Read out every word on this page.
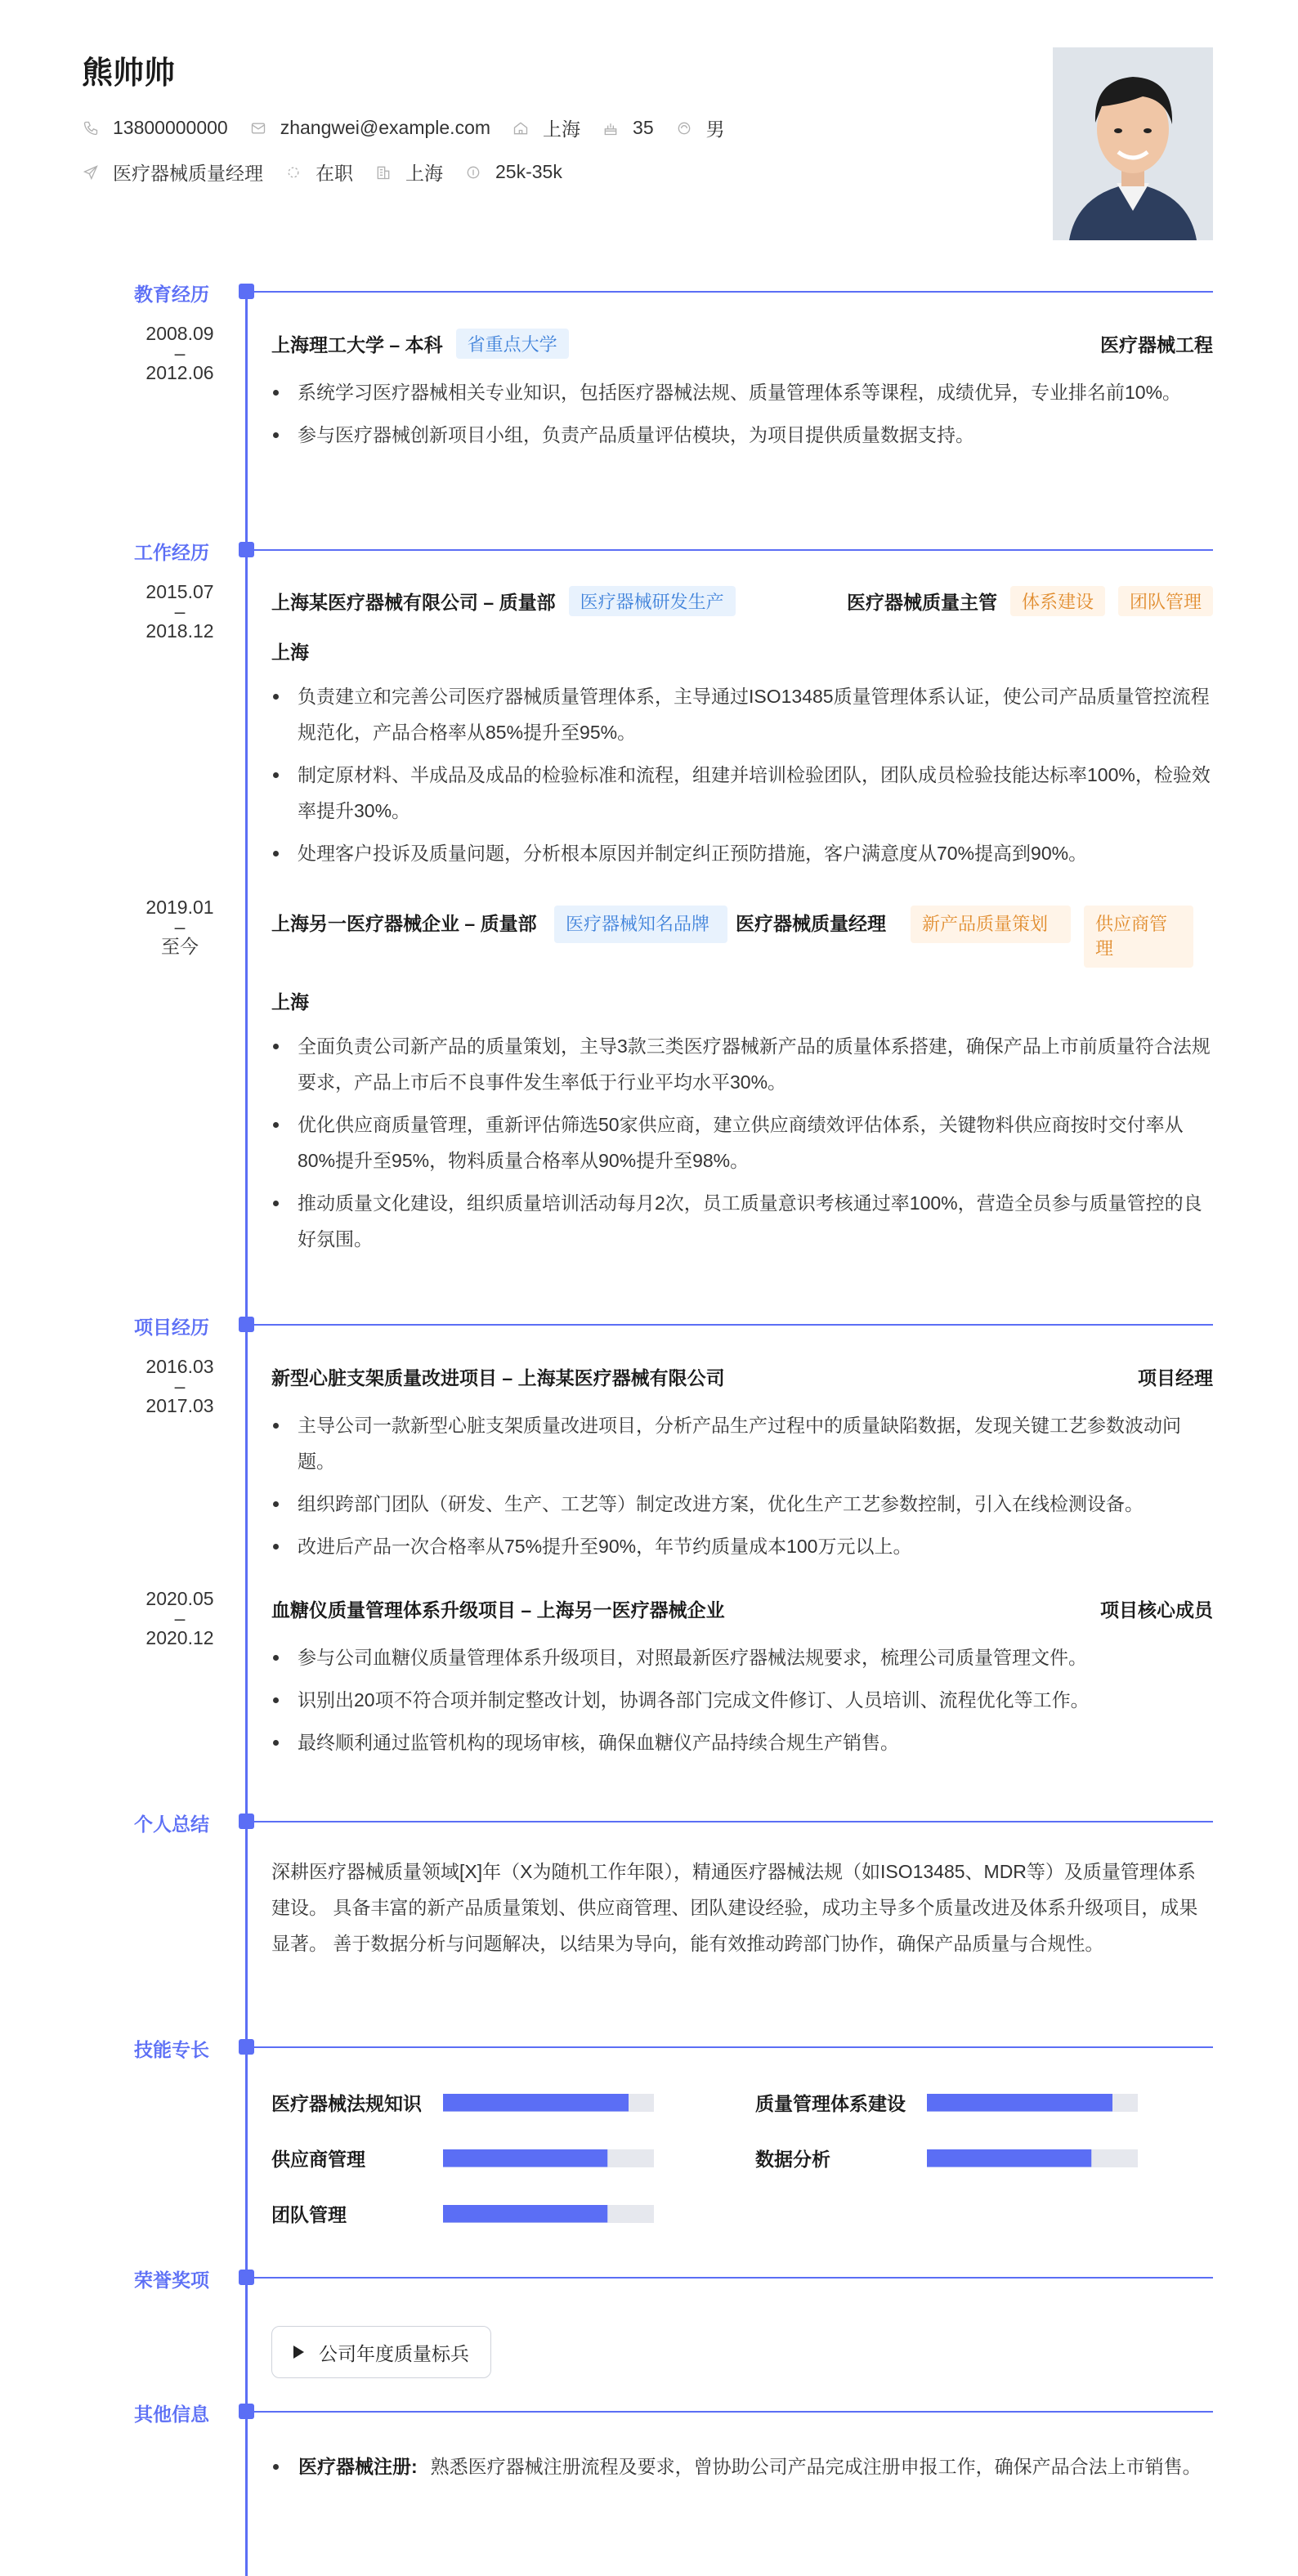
熊帅帅
13800000000	zhangwei@example.com	上海	35	男
医疗器械质量经理	在职	上海	25k-35k
教育经历
2008.09
–
2012.06
上海理工大学 – 本科	省重点大学	医疗器械工程
系统学习医疗器械相关专业知识，包括医疗器械法规、质量管理体系等课程，成绩优异，专业排名前10%。
参与医疗器械创新项目小组，负责产品质量评估模块，为项目提供质量数据支持。
工作经历
2015.07
–
2018.12
上海某医疗器械有限公司 – 质量部	医疗器械研发生产	医疗器械质量主管	体系建设	团队管理
上海
负责建立和完善公司医疗器械质量管理体系，主导通过ISO13485质量管理体系认证，使公司产品质量管控流程规范化，产品合格率从85%提升至95%。
制定原材料、半成品及成品的检验标准和流程，组建并培训检验团队，团队成员检验技能达标率100%，检验效率提升30%。
处理客户投诉及质量问题，分析根本原因并制定纠正预防措施，客户满意度从70%提高到90%。
2019.01
–
至今
上海另一医疗器械企业 – 质量部	医疗器械知名品牌	医疗器械质量经理	新产品质量策划	供应商管理
上海
全面负责公司新产品的质量策划，主导3款三类医疗器械新产品的质量体系搭建，确保产品上市前质量符合法规要求，产品上市后不良事件发生率低于行业平均水平30%。
优化供应商质量管理，重新评估筛选50家供应商，建立供应商绩效评估体系，关键物料供应商按时交付率从80%提升至95%，物料质量合格率从90%提升至98%。
推动质量文化建设，组织质量培训活动每月2次，员工质量意识考核通过率100%，营造全员参与质量管控的良好氛围。
项目经历
2016.03
–
2017.03
新型心脏支架质量改进项目 – 上海某医疗器械有限公司	项目经理
主导公司一款新型心脏支架质量改进项目，分析产品生产过程中的质量缺陷数据，发现关键工艺参数波动问题。
组织跨部门团队（研发、生产、工艺等）制定改进方案，优化生产工艺参数控制，引入在线检测设备。
改进后产品一次合格率从75%提升至90%，年节约质量成本100万元以上。
2020.05
–
2020.12
血糖仪质量管理体系升级项目 – 上海另一医疗器械企业	项目核心成员
参与公司血糖仪质量管理体系升级项目，对照最新医疗器械法规要求，梳理公司质量管理文件。
识别出20项不符合项并制定整改计划，协调各部门完成文件修订、人员培训、流程优化等工作。
最终顺利通过监管机构的现场审核，确保血糖仪产品持续合规生产销售。
个人总结
深耕医疗器械质量领域[X]年（X为随机工作年限），精通医疗器械法规（如ISO13485、MDR等）及质量管理体系建设。 具备丰富的新产品质量策划、供应商管理、团队建设经验，成功主导多个质量改进及体系升级项目，成果显著。 善于数据分析与问题解决，以结果为导向，能有效推动跨部门协作，确保产品质量与合规性。
技能专长
医疗器械法规知识	质量管理体系建设
供应商管理	数据分析
团队管理
荣誉奖项
公司年度质量标兵
其他信息
医疗器械注册: 熟悉医疗器械注册流程及要求，曾协助公司产品完成注册申报工作，确保产品合法上市销售。
